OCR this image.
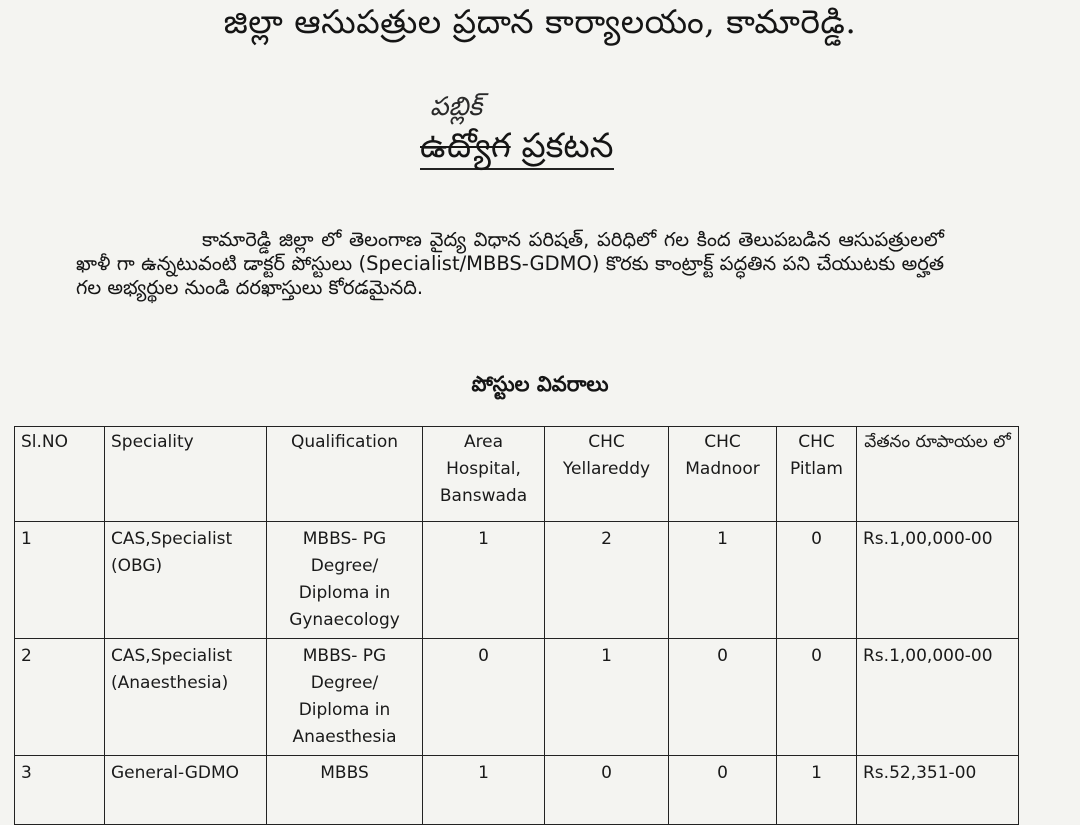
జిల్లా ఆసుపత్రుల ప్రదాన కార్యాలయం, కామారెడ్డి.
పబ్లిక్
ఉద్యోగ ప్రకటన
కామారెడ్డి జిల్లా లో తెలంగాణ వైద్య విధాన పరిషత్, పరిధిలో గల కింద తెలుపబడిన ఆసుపత్రులలో ఖాళీ గా ఉన్నటువంటి డాక్టర్ పోస్టులు (Specialist/MBBS-GDMO) కొరకు కాంట్రాక్ట్ పద్ధతిన పని చేయుటకు అర్హత గల అభ్యర్థుల నుండి దరఖాస్తులు కోరడమైనది.
పోస్టుల వివరాలు
Sl.NO	Speciality	Qualification	Area Hospital, Banswada	CHC Yellareddy	CHC Madnoor	CHC Pitlam	వేతనం రూపాయల లో
1	CAS,Specialist (OBG)	MBBS- PG Degree/ Diploma in Gynaecology	1	2	1	0	Rs.1,00,000-00
2	CAS,Specialist (Anaesthesia)	MBBS- PG Degree/ Diploma in Anaesthesia	0	1	0	0	Rs.1,00,000-00
3	General-GDMO	MBBS	1	0	0	1	Rs.52,351-00
